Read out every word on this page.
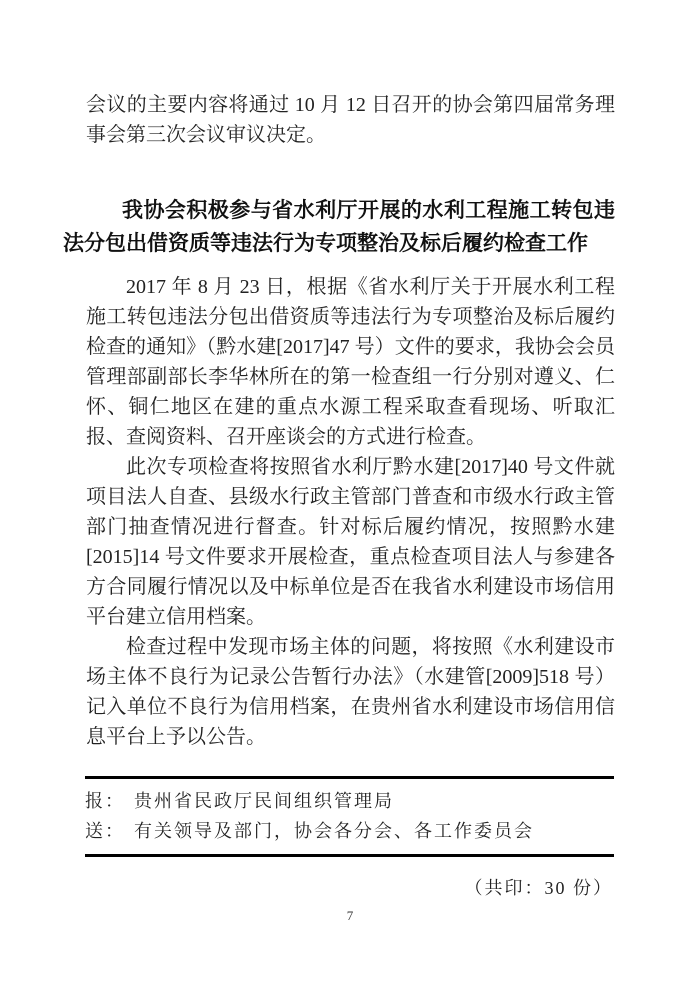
会议的主要内容将通过 10 月 12 日召开的协会第四届常务理事会第三次会议审议决定。

我协会积极参与省水利厅开展的水利工程施工转包违法分包出借资质等违法行为专项整治及标后履约检查工作

2017 年 8 月 23 日，根据《省水利厅关于开展水利工程施工转包违法分包出借资质等违法行为专项整治及标后履约检查的通知》（黔水建[2017]47 号）文件的要求，我协会会员管理部副部长李华林所在的第一检查组一行分别对遵义、仁怀、铜仁地区在建的重点水源工程采取查看现场、听取汇报、查阅资料、召开座谈会的方式进行检查。

此次专项检查将按照省水利厅黔水建[2017]40 号文件就项目法人自查、县级水行政主管部门普查和市级水行政主管部门抽查情况进行督查。针对标后履约情况，按照黔水建[2015]14 号文件要求开展检查，重点检查项目法人与参建各方合同履行情况以及中标单位是否在我省水利建设市场信用平台建立信用档案。

检查过程中发现市场主体的问题，将按照《水利建设市场主体不良行为记录公告暂行办法》（水建管[2009]518 号）记入单位不良行为信用档案，在贵州省水利建设市场信用信息平台上予以公告。

报： 贵州省民政厅民间组织管理局
送： 有关领导及部门，协会各分会、各工作委员会
（共印：30 份）
7
